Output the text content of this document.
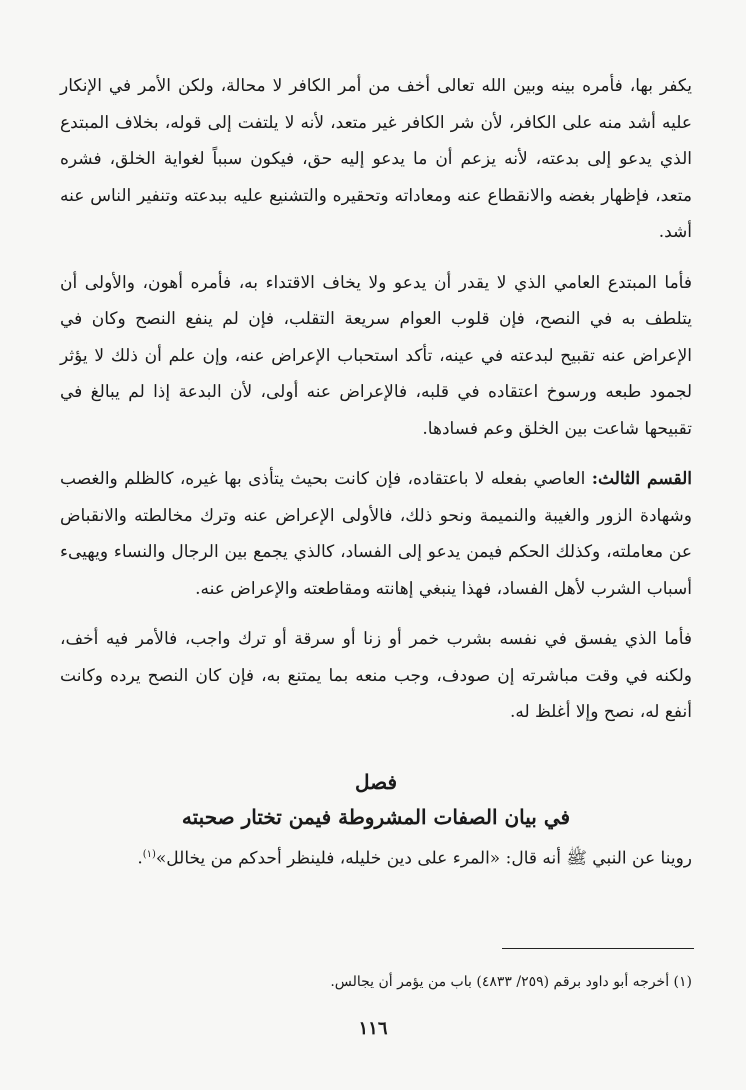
يكفر بها، فأمره بينه وبين الله تعالى أخف من أمر الكافر لا محالة، ولكن الأمر في الإنكار عليه أشد منه على الكافر، لأن شر الكافر غير متعد، لأنه لا يلتفت إلى قوله، بخلاف المبتدع الذي يدعو إلى بدعته، لأنه يزعم أن ما يدعو إليه حق، فيكون سبباً لغواية الخلق، فشره متعد، فإظهار بغضه والانقطاع عنه ومعاداته وتحقيره والتشنيع عليه ببدعته وتنفير الناس عنه أشد.

فأما المبتدع العامي الذي لا يقدر أن يدعو ولا يخاف الاقتداء به، فأمره أهون، والأولى أن يتلطف به في النصح، فإن قلوب العوام سريعة التقلب، فإن لم ينفع النصح وكان في الإعراض عنه تقبيح لبدعته في عينه، تأكد استحباب الإعراض عنه، وإن علم أن ذلك لا يؤثر لجمود طبعه ورسوخ اعتقاده في قلبه، فالإعراض عنه أولى، لأن البدعة إذا لم يبالغ في تقبيحها شاعت بين الخلق وعم فسادها.

القسم الثالث: العاصي بفعله لا باعتقاده، فإن كانت بحيث يتأذى بها غيره، كالظلم والغصب وشهادة الزور والغيبة والنميمة ونحو ذلك، فالأولى الإعراض عنه وترك مخالطته والانقباض عن معاملته، وكذلك الحكم فيمن يدعو إلى الفساد، كالذي يجمع بين الرجال والنساء ويهيىء أسباب الشرب لأهل الفساد، فهذا ينبغي إهانته ومقاطعته والإعراض عنه.

فأما الذي يفسق في نفسه بشرب خمر أو زنا أو سرقة أو ترك واجب، فالأمر فيه أخف، ولكنه في وقت مباشرته إن صودف، وجب منعه بما يمتنع به، فإن كان النصح يرده وكانت أنفع له، نصح وإلا أغلظ له.

فصل

في بيان الصفات المشروطة فيمن تختار صحبته

روينا عن النبي ﷺ أنه قال: «المرء على دين خليله، فلينظر أحدكم من يخالل»$^{(١)}$.

(١) أخرجه أبو داود برقم (٢٥٩/ ٤٨٣٣) باب من يؤمر أن يجالس.

١١٦
